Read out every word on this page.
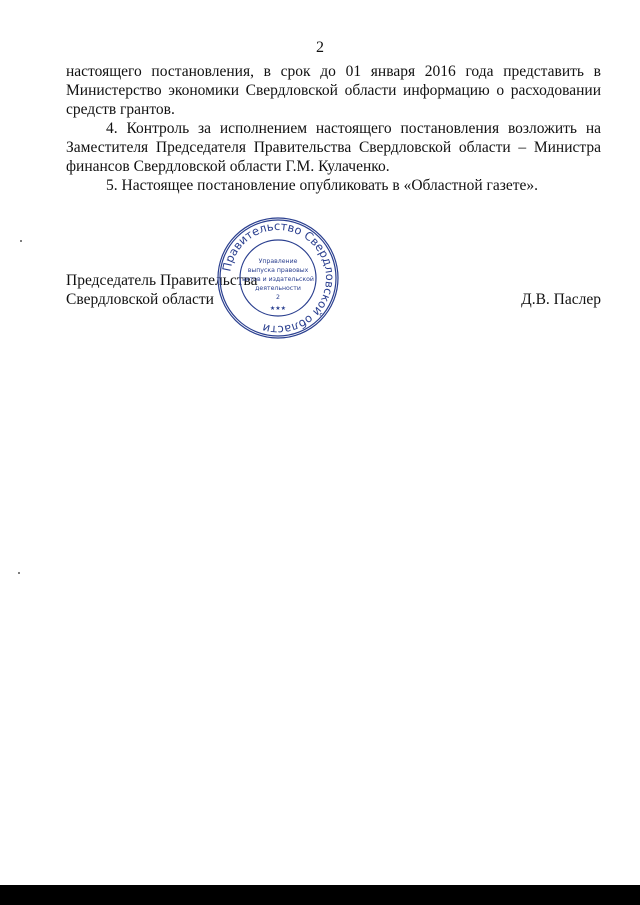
2

настоящего постановления, в срок до 01 января 2016 года представить в Министерство экономики Свердловской области информацию о расходовании средств грантов.

4. Контроль за исполнением настоящего постановления возложить на Заместителя Председателя Правительства Свердловской области – Министра финансов Свердловской области Г.М. Кулаченко.

5. Настоящее постановление опубликовать в «Областной газете».

Председатель Правительства
Свердловской области	Д.В. Паслер
Правительство Свердловской области
Управление
выпуска правовых
актов и издательской
деятельности
2
★★★
